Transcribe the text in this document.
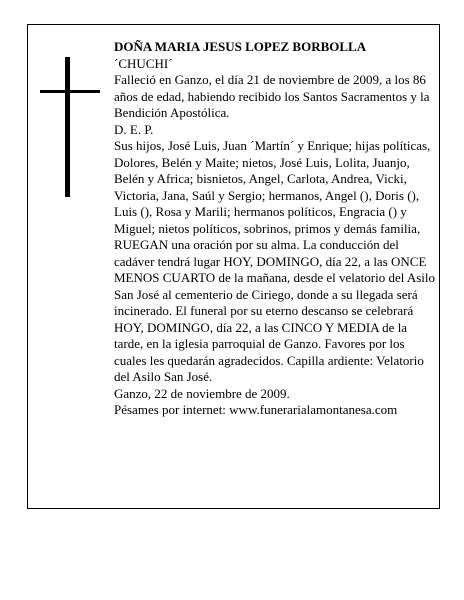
DOÑA MARIA JESUS LOPEZ BORBOLLA

´CHUCHI´

Falleció en Ganzo, el día 21 de noviembre de 2009, a los 86 años de edad, habiendo recibido los Santos Sacramentos y la Bendición Apostólica.

D. E. P.

Sus hijos, José Luis, Juan ´Martín´ y Enrique; hijas políticas, Dolores, Belén y Maite; nietos, José Luis, Lolita, Juanjo, Belén y Africa; bisnietos, Angel, Carlota, Andrea, Vicki, Victoria, Jana, Saúl y Sergio; hermanos, Angel (), Doris (), Luis (), Rosa y Marili; hermanos políticos, Engracia () y Miguel; nietos políticos, sobrinos, primos y demás familia,

RUEGAN una oración por su alma. La conducción del cadáver tendrá lugar HOY, DOMINGO, día 22, a las ONCE MENOS CUARTO de la mañana, desde el velatorio del Asilo San José al cementerio de Ciriego, donde a su llegada será incinerado. El funeral por su eterno descanso se celebrará HOY, DOMINGO, día 22, a las CINCO Y MEDIA de la tarde, en la iglesia parroquial de Ganzo. Favores por los cuales les quedarán agradecidos. Capilla ardiente: Velatorio del Asilo San José.

Ganzo, 22 de noviembre de 2009.

Pésames por internet: www.funerarialamontanesa.com
